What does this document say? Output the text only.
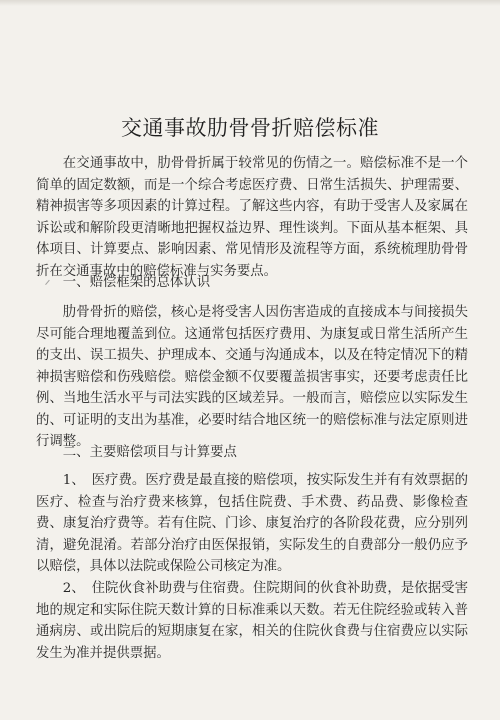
交通事故肋骨骨折赔偿标准

在交通事故中，肋骨骨折属于较常见的伤情之一。赔偿标准不是一个简单的固定数额，而是一个综合考虑医疗费、日常生活损失、护理需要、精神损害等多项因素的计算过程。了解这些内容，有助于受害人及家属在诉讼或和解阶段更清晰地把握权益边界、理性谈判。下面从基本框架、具体项目、计算要点、影响因素、常见情形及流程等方面，系统梳理肋骨骨折在交通事故中的赔偿标准与实务要点。

一、赔偿框架的总体认识

肋骨骨折的赔偿，核心是将受害人因伤害造成的直接成本与间接损失尽可能合理地覆盖到位。这通常包括医疗费用、为康复或日常生活所产生的支出、误工损失、护理成本、交通与沟通成本，以及在特定情况下的精神损害赔偿和伤残赔偿。赔偿金额不仅要覆盖损害事实，还要考虑责任比例、当地生活水平与司法实践的区域差异。一般而言，赔偿应以实际发生的、可证明的支出为基准，必要时结合地区统一的赔偿标准与法定原则进行调整。

二、主要赔偿项目与计算要点

1、　医疗费。医疗费是最直接的赔偿项，按实际发生并有有效票据的医疗、检查与治疗费来核算，包括住院费、手术费、药品费、影像检查费、康复治疗费等。若有住院、门诊、康复治疗的各阶段花费，应分别列清，避免混淆。若部分治疗由医保报销，实际发生的自费部分一般仍应予以赔偿，具体以法院或保险公司核定为准。

2、　住院伙食补助费与住宿费。住院期间的伙食补助费，是依据受害地的规定和实际住院天数计算的日标准乘以天数。若无住院经验或转入普通病房、或出院后的短期康复在家，相关的住院伙食费与住宿费应以实际发生为准并提供票据。
